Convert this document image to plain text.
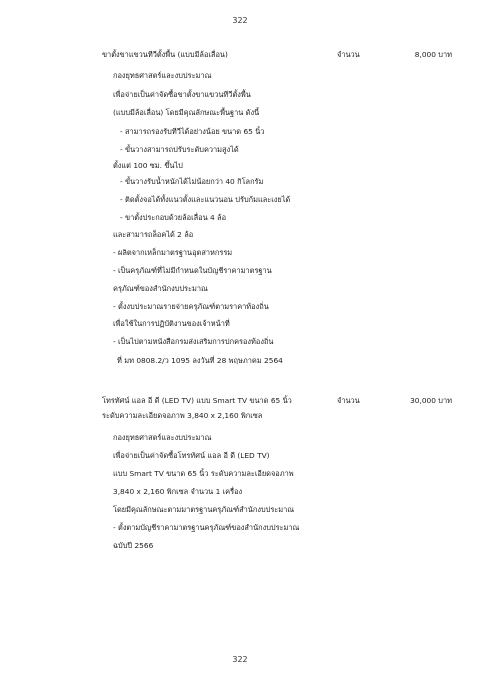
322
ขาตั้งขาแขวนทีวีตั้งพื้น (แบบมีล้อเลื่อน)	จำนวน	8,000 บาท
กองยุทธศาสตร์และงบประมาณ
เพื่อจ่ายเป็นค่าจัดซื้อขาตั้งขาแขวนทีวีตั้งพื้น
(แบบมีล้อเลื่อน) โดยมีคุณลักษณะพื้นฐาน ดังนี้
- สามารถรองรับทีวีได้อย่างน้อย ขนาด 65 นิ้ว
- ขั้นวางสามารถปรับระดับความสูงได้
ตั้งแต่ 100 ซม. ขึ้นไป
- ขั้นวางรับน้ำหนักได้ไม่น้อยกว่า 40 กิโลกรัม
- ติดตั้งจอได้ทั้งแนวตั้งและแนวนอน ปรับก้มและเงยได้
- ขาตั้งประกอบด้วยล้อเลื่อน 4 ล้อ
และสามารถล็อคได้ 2 ล้อ
- ผลิตจากเหล็กมาตรฐานอุตสาหกรรม
- เป็นครุภัณฑ์ที่ไม่มีกำหนดในบัญชีราคามาตรฐาน
ครุภัณฑ์ของสำนักงบประมาณ
- ตั้งงบประมาณรายจ่ายครุภัณฑ์ตามราคาท้องถิ่น
เพื่อใช้ในการปฏิบัติงานของเจ้าหน้าที่
- เป็นไปตามหนังสือกรมส่งเสริมการปกครองท้องถิ่น
ที่ มท 0808.2/ว 1095 ลงวันที่ 28 พฤษภาคม 2564
โทรทัศน์ แอล อี ดี (LED TV) แบบ Smart TV ขนาด 65 นิ้ว	จำนวน	30,000 บาท
ระดับความละเอียดจอภาพ 3,840 x 2,160 พิกเซล
กองยุทธศาสตร์และงบประมาณ
เพื่อจ่ายเป็นค่าจัดซื้อโทรทัศน์ แอล อี ดี (LED TV)
แบบ Smart TV ขนาด 65 นิ้ว ระดับความละเอียดจอภาพ
3,840 x 2,160 พิกเซล จำนวน 1 เครื่อง
โดยมีคุณลักษณะตามมาตรฐานครุภัณฑ์สำนักงบประมาณ
- ตั้งตามบัญชีราคามาตรฐานครุภัณฑ์ของสำนักงบประมาณ
ฉบับปี 2566
322
